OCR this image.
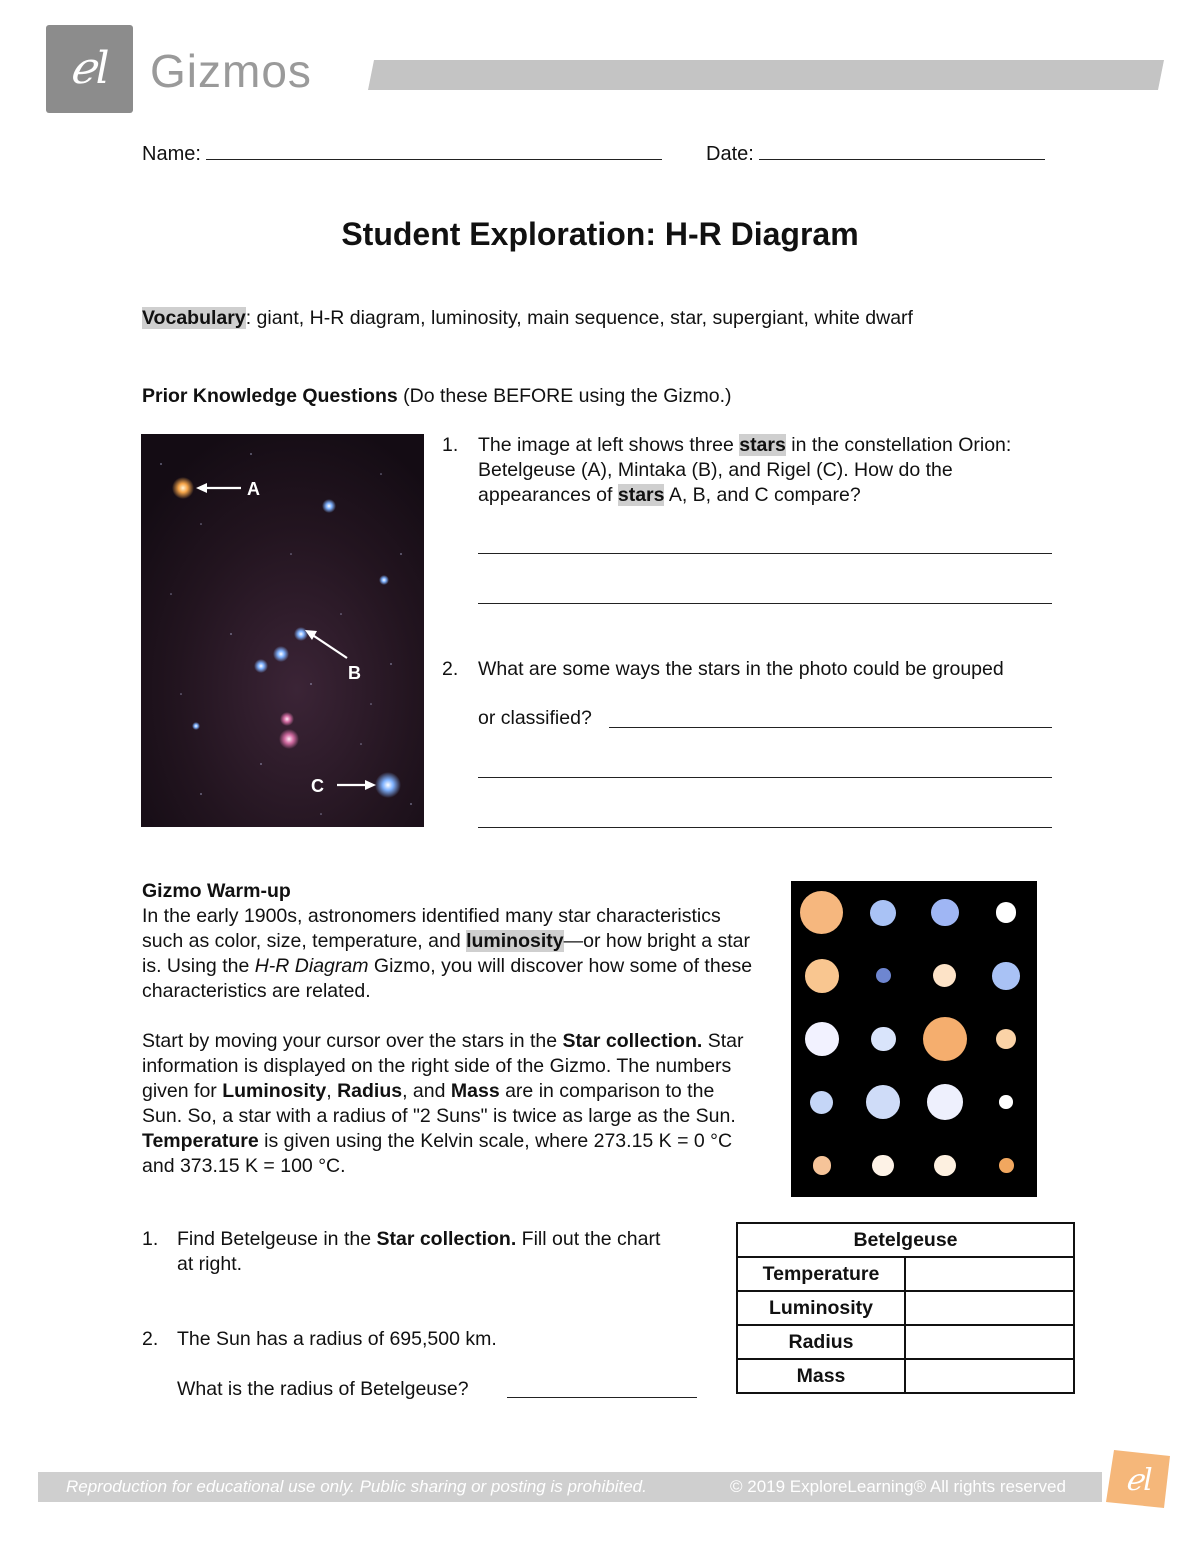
ℯl Gizmos
Name:	Date:
Student Exploration: H-R Diagram
Vocabulary: giant, H-R diagram, luminosity, main sequence, star, supergiant, white dwarf
Prior Knowledge Questions (Do these BEFORE using the Gizmo.)
A
B
C
1. The image at left shows three stars in the constellation Orion: Betelgeuse (A), Mintaka (B), and Rigel (C). How do the appearances of stars A, B, and C compare?
2. What are some ways the stars in the photo could be grouped
or classified?
Gizmo Warm-up
In the early 1900s, astronomers identified many star characteristics such as color, size, temperature, and luminosity—or how bright a star is. Using the H-R Diagram Gizmo, you will discover how some of these characteristics are related.
Start by moving your cursor over the stars in the Star collection. Star information is displayed on the right side of the Gizmo. The numbers given for Luminosity, Radius, and Mass are in comparison to the Sun. So, a star with a radius of "2 Suns" is twice as large as the Sun. Temperature is given using the Kelvin scale, where 273.15 K = 0 °C and 373.15 K = 100 °C.
1. Find Betelgeuse in the Star collection. Fill out the chart at right.
2. The Sun has a radius of 695,500 km.
What is the radius of Betelgeuse?
Betelgeuse	
Temperature	
Luminosity	
Radius	
Mass	
Reproduction for educational use only. Public sharing or posting is prohibited.	© 2019 ExploreLearning® All rights reserved ℯl
